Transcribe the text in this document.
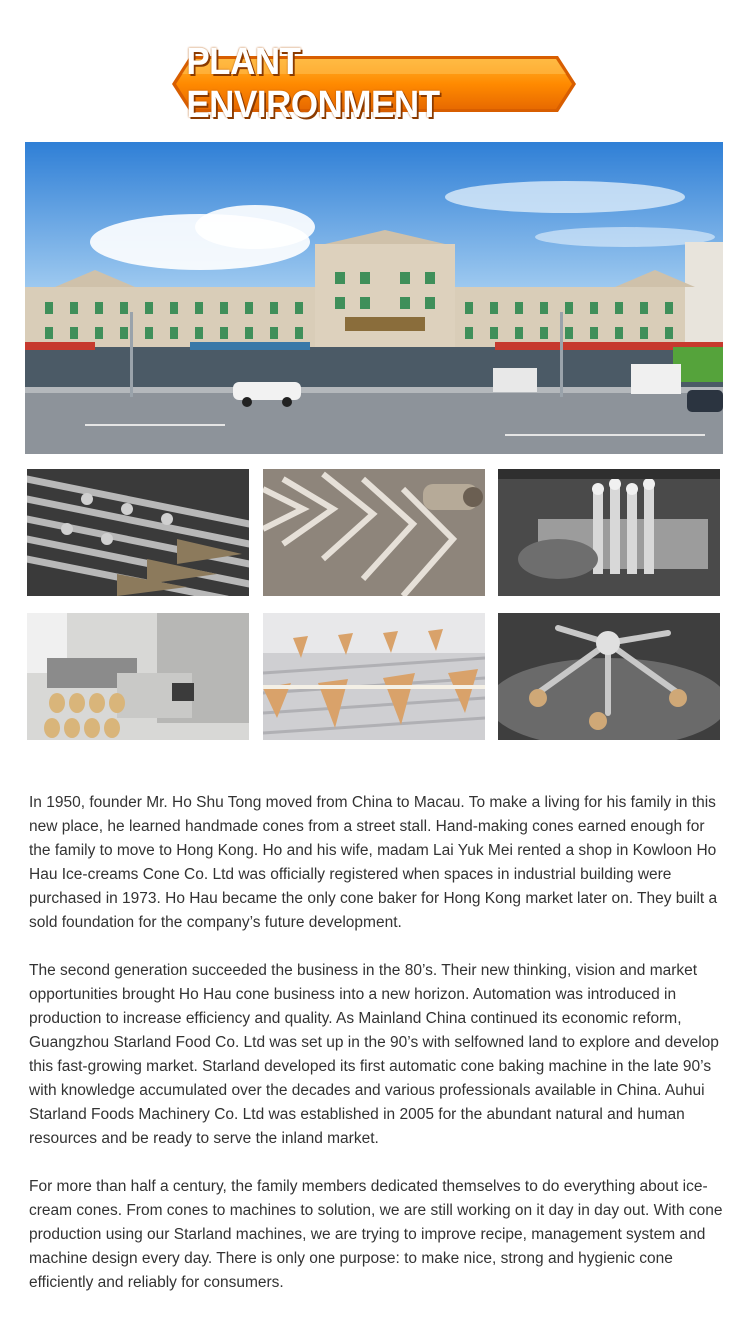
PLANT ENVIRONMENT

In 1950, founder Mr. Ho Shu Tong moved from China to Macau. To make a living for his family in this new place, he learned handmade cones from a street stall. Hand-making cones earned enough for the family to move to Hong Kong. Ho and his wife, madam Lai Yuk Mei rented a shop in Kowloon Ho Hau Ice-creams Cone Co. Ltd was officially registered when spaces in industrial building were purchased in 1973. Ho Hau became the only cone baker for Hong Kong market later on. They built a sold foundation for the company’s future development.

The second generation succeeded the business in the 80’s. Their new thinking, vision and market opportunities brought Ho Hau cone business into a new horizon. Automation was introduced in production to increase efficiency and quality. As Mainland China continued its economic reform, Guangzhou Starland Food Co. Ltd was set up in the 90’s with selfowned land to explore and develop this fast-growing market. Starland developed its first automatic cone baking machine in the late 90’s with knowledge accumulated over the decades and various professionals available in China. Auhui Starland Foods Machinery Co. Ltd was established in 2005 for the abundant natural and human resources and be ready to serve the inland market.

For more than half a century, the family members dedicated themselves to do everything about ice-cream cones. From cones to machines to solution, we are still working on it day in day out. With cone production using our Starland machines, we are trying to improve recipe, management system and machine design every day. There is only one purpose: to make nice, strong and hygienic cone efficiently and reliably for consumers.
